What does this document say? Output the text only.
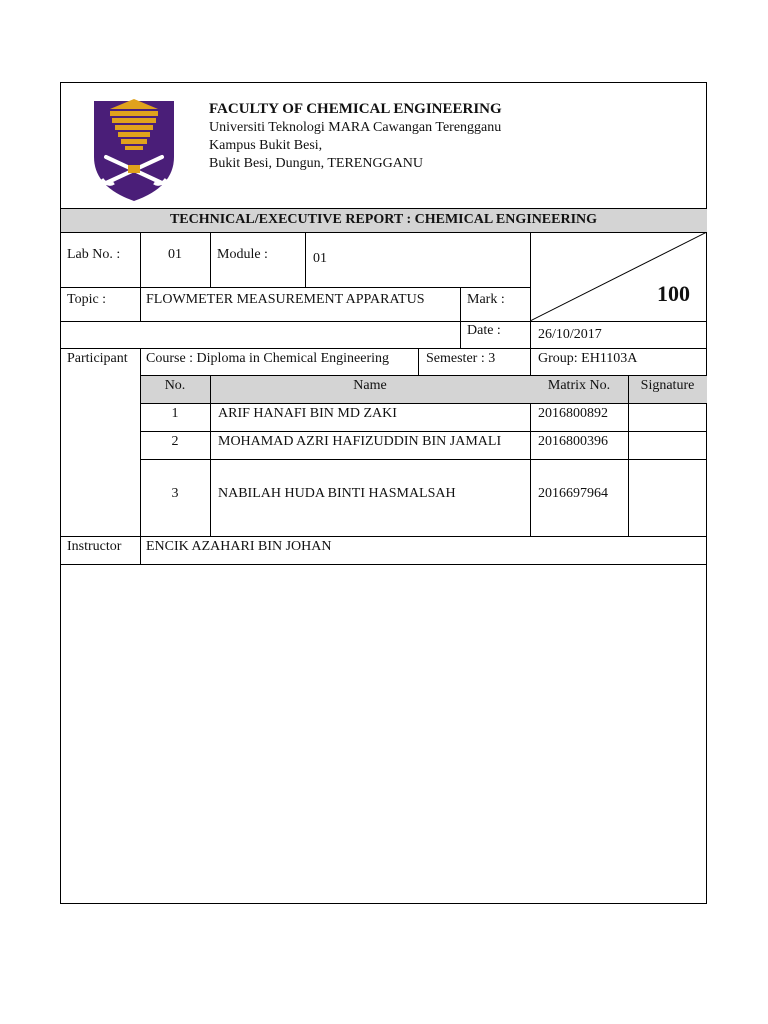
FACULTY OF CHEMICAL ENGINEERING
Universiti Teknologi MARA Cawangan Terengganu
Kampus Bukit Besi,
Bukit Besi, Dungun, TERENGGANU
TECHNICAL/EXECUTIVE REPORT : CHEMICAL ENGINEERING
Lab No. :	01	Module :	01
Topic :	FLOWMETER MEASUREMENT APPARATUS	Mark :	100
Date :	26/10/2017
Participant Course : Diploma in Chemical Engineering	Semester : 3	Group: EH1103A
No.	Name	Matrix No.	Signature
1	ARIF HANAFI BIN MD ZAKI	2016800892
2	MOHAMAD AZRI HAFIZUDDIN BIN JAMALI	2016800396
3	NABILAH HUDA BINTI HASMALSAH	2016697964
Instructor ENCIK AZAHARI BIN JOHAN
